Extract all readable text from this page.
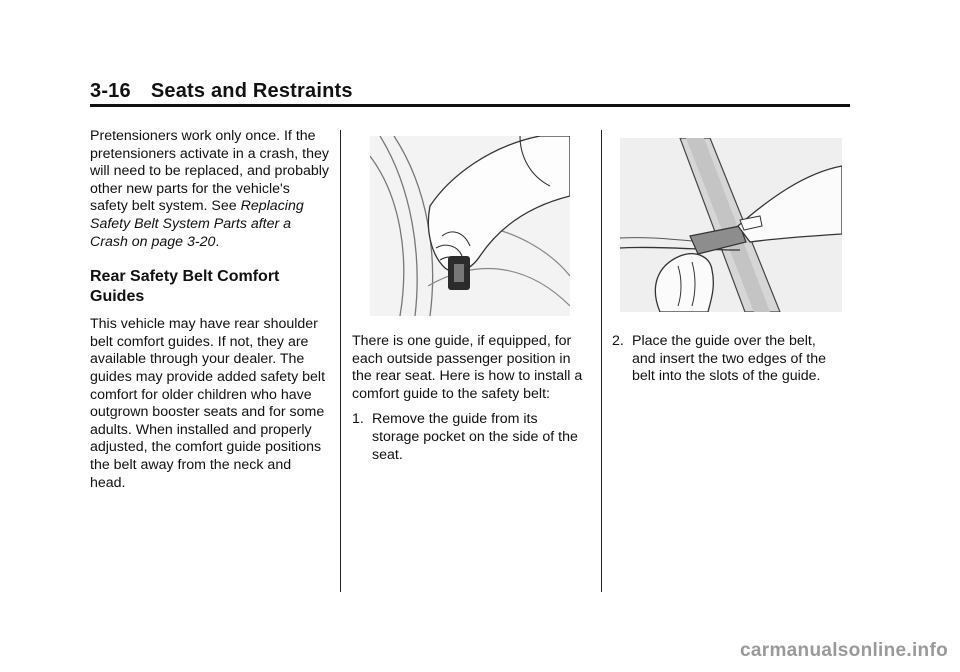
3-16 Seats and Restraints

Pretensioners work only once. If the pretensioners activate in a crash, they will need to be replaced, and probably other new parts for the vehicle's safety belt system. See Replacing Safety Belt System Parts after a Crash on page 3-20.

Rear Safety Belt Comfort Guides

This vehicle may have rear shoulder belt comfort guides. If not, they are available through your dealer. The guides may provide added safety belt comfort for older children who have outgrown booster seats and for some adults. When installed and properly adjusted, the comfort guide positions the belt away from the neck and head.

There is one guide, if equipped, for each outside passenger position in the rear seat. Here is how to install a comfort guide to the safety belt:

1. Remove the guide from its storage pocket on the side of the seat.
2. Place the guide over the belt, and insert the two edges of the belt into the slots of the guide.
carmanualsonline.info
